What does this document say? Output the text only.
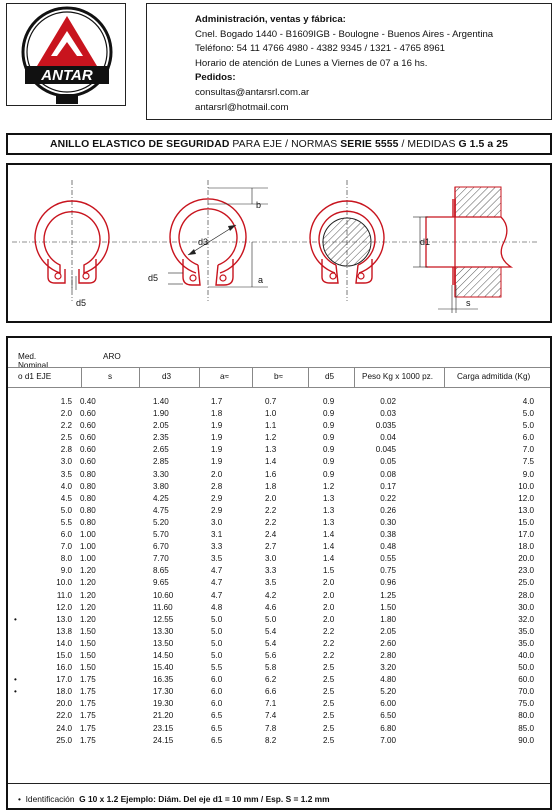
ANTAR
Administración, ventas y fábrica:
Cnel. Bogado 1440 - B1609IGB - Boulogne - Buenos Aires - Argentina
Teléfono: 54 11 4766 4980 - 4382 9345 / 1321 - 4765 8961
Horario de atención de Lunes a Viernes de 07 a 16 hs.
Pedidos:
consultas@antarsrl.com.ar
antarsrl@hotmail.com
ANILLO ELASTICO DE SEGURIDAD PARA EJE / NORMAS SERIE 5555 / MEDIDAS G 1.5 a 25
b
d3
a
d5
d5
d1
s
Med. Nominal
ARO
o d1 EJE	s	d3	a≈	b≈	d5	Peso Kg x 1000 pz.	Carga admitida (Kg)
1.5 0.40	1.40	1.7	0.7	0.9	0.02	4.0
2.0 0.60	1.90	1.8	1.0	0.9	0.03	5.0
2.2 0.60	2.05	1.9	1.1	0.9	0.035	5.0
2.5 0.60	2.35	1.9	1.2	0.9	0.04	6.0
2.8 0.60	2.65	1.9	1.3	0.9	0.045	7.0
3.0 0.60	2.85	1.9	1.4	0.9	0.05	7.5
3.5 0.80	3.30	2.0	1.6	0.9	0.08	9.0
4.0 0.80	3.80	2.8	1.8	1.2	0.17	10.0
4.5 0.80	4.25	2.9	2.0	1.3	0.22	12.0
5.0 0.80	4.75	2.9	2.2	1.3	0.26	13.0
5.5 0.80	5.20	3.0	2.2	1.3	0.30	15.0
6.0 1.00	5.70	3.1	2.4	1.4	0.38	17.0
7.0 1.00	6.70	3.3	2.7	1.4	0.48	18.0
8.0 1.00	7.70	3.5	3.0	1.4	0.55	20.0
9.0 1.20	8.65	4.7	3.3	1.5	0.75	23.0
10.0 1.20	9.65	4.7	3.5	2.0	0.96	25.0
11.0 1.20	10.60	4.7	4.2	2.0	1.25	28.0
12.0 1.20	11.60	4.8	4.6	2.0	1.50	30.0
•	13.0 1.20	12.55	5.0	5.0	2.0	1.80	32.0
13.8 1.50	13.30	5.0	5.4	2.2	2.05	35.0
14.0 1.50	13.50	5.0	5.4	2.2	2.60	35.0
15.0 1.50	14.50	5.0	5.6	2.2	2.80	40.0
16.0 1.50	15.40	5.5	5.8	2.5	3.20	50.0
•	17.0 1.75	16.35	6.0	6.2	2.5	4.80	60.0
•	18.0 1.75	17.30	6.0	6.6	2.5	5.20	70.0
20.0 1.75	19.30	6.0	7.1	2.5	6.00	75.0
22.0 1.75	21.20	6.5	7.4	2.5	6.50	80.0
24.0 1.75	23.15	6.5	7.8	2.5	6.80	85.0
25.0 1.75	24.15	6.5	8.2	2.5	7.00	90.0
•  Identificación  G 10 x 1.2 Ejemplo: Diám. Del eje d1 = 10 mm / Esp. S = 1.2 mm
